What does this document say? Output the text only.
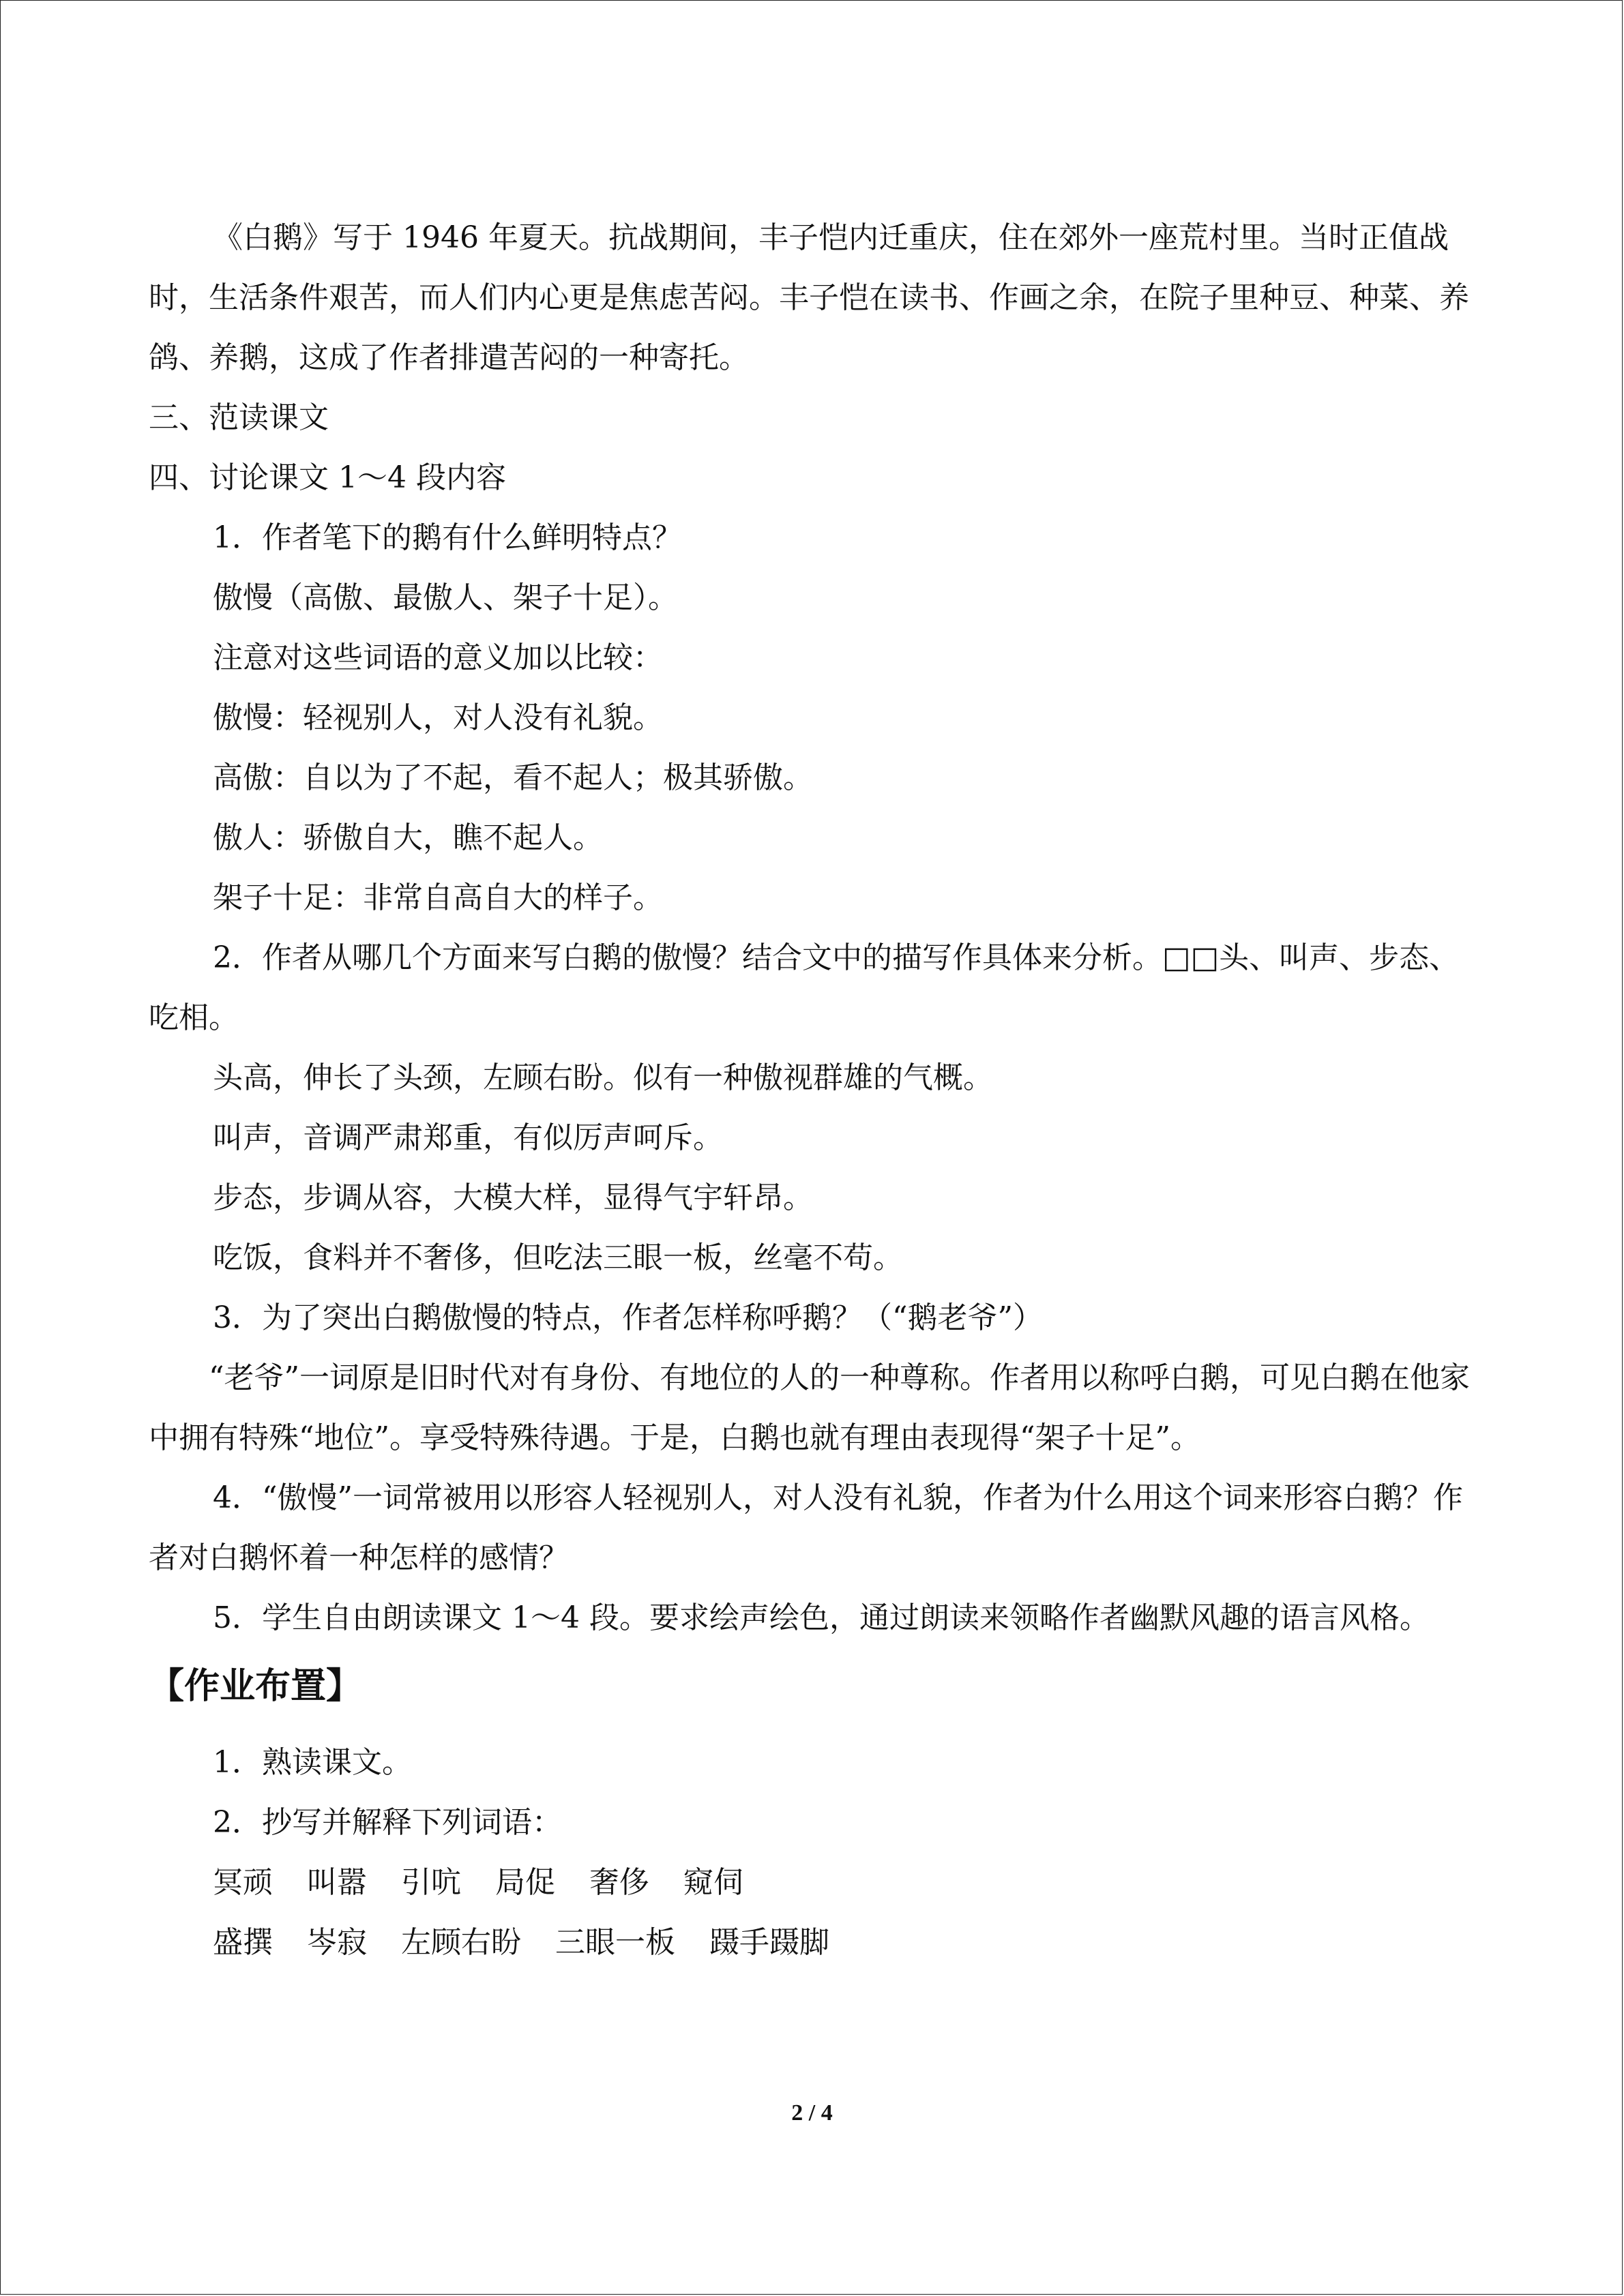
《白鹅》写于 1946 年夏天。抗战期间，丰子恺内迁重庆，住在郊外一座荒村里。当时正值战时，生活条件艰苦，而人们内心更是焦虑苦闷。丰子恺在读书、作画之余，在院子里种豆、种菜、养鸽、养鹅，这成了作者排遣苦闷的一种寄托。

三、范读课文

四、讨论课文 1～4 段内容

1．作者笔下的鹅有什么鲜明特点？

傲慢（高傲、最傲人、架子十足）。

注意对这些词语的意义加以比较：

傲慢：轻视别人，对人没有礼貌。

高傲：自以为了不起，看不起人；极其骄傲。

傲人：骄傲自大，瞧不起人。

架子十足：非常自高自大的样子。

2．作者从哪几个方面来写白鹅的傲慢？结合文中的描写作具体来分析。□□头、叫声、步态、吃相。

头高，伸长了头颈，左顾右盼。似有一种傲视群雄的气概。

叫声，音调严肃郑重，有似厉声呵斥。

步态，步调从容，大模大样，显得气宇轩昂。

吃饭，食料并不奢侈，但吃法三眼一板，丝毫不苟。

3．为了突出白鹅傲慢的特点，作者怎样称呼鹅？（“鹅老爷”）

“老爷”一词原是旧时代对有身份、有地位的人的一种尊称。作者用以称呼白鹅，可见白鹅在他家中拥有特殊“地位”。享受特殊待遇。于是，白鹅也就有理由表现得“架子十足”。

4．“傲慢”一词常被用以形容人轻视别人，对人没有礼貌，作者为什么用这个词来形容白鹅？作者对白鹅怀着一种怎样的感情？

5．学生自由朗读课文 1～4 段。要求绘声绘色，通过朗读来领略作者幽默风趣的语言风格。

【作业布置】

1．熟读课文。

2．抄写并解释下列词语：

冥顽 叫嚣 引吭 局促 奢侈 窥伺

盛撰 岑寂 左顾右盼 三眼一板 蹑手蹑脚

2 / 4
